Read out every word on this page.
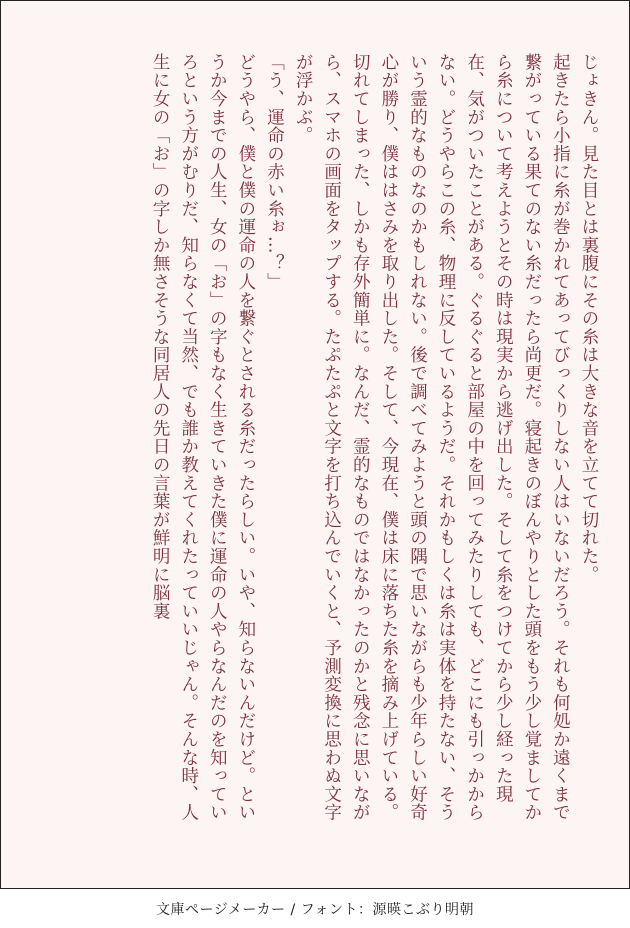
じょきん。見た目とは裏腹にその糸は大きな音を立てて切れた。

起きたら小指に糸が巻かれてあってびっくりしない人はいないだろう。それも何処か遠くまで繋がっている果てのない糸だったら尚更だ。寝起きのぼんやりとした頭をもう少し覚ましてから糸について考えようとその時は現実から逃げ出した。そして糸をつけてから少し経った現在、気がついたことがある。ぐるぐると部屋の中を回ってみたりしても、どこにも引っかからない。どうやらこの糸、物理に反しているようだ。それかもしくは糸は実体を持たない、そういう霊的なものなのかもしれない。後で調べてみようと頭の隅で思いながらも少年らしい好奇心が勝り、僕ははさみを取り出した。そして、今現在、僕は床に落ちた糸を摘み上げている。切れてしまった、しかも存外簡単に。なんだ、霊的なものではなかったのかと残念に思いながら、スマホの画面をタップする。たぷたぷと文字を打ち込んでいくと、予測変換に思わぬ文字が浮かぶ。

「う、運命の赤い糸ぉ…？」

どうやら、僕と僕の運命の人を繋ぐとされる糸だったらしい。いや、知らないんだけど。というか今までの人生、女の「お」の字もなく生きていきた僕に運命の人やらなんだのを知っていろという方がむりだ、知らなくて当然、でも誰か教えてくれたっていいじゃん。そんな時、人生に女の「お」の字しか無さそうな同居人の先日の言葉が鮮明に脳裏

文庫ページメーカー / フォント：源暎こぶり明朝
